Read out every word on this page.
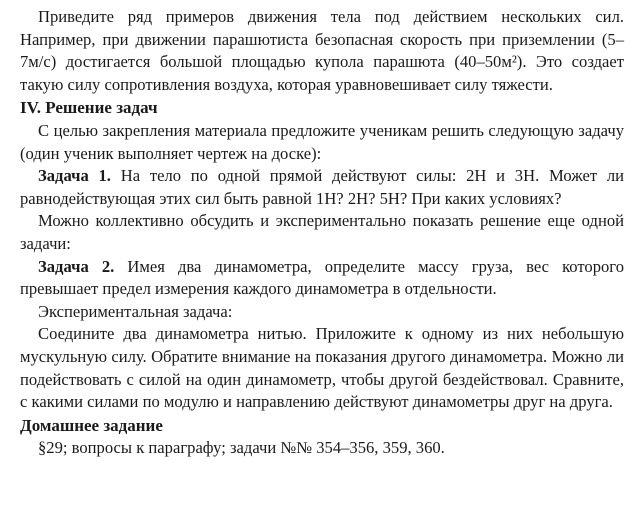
Приведите ряд примеров движения тела под действием нескольких сил. Например, при движении парашютиста безопасная скорость при приземлении (5–7м/с) достигается большой площадью купола парашюта (40–50м²). Это создает такую силу сопротивления воздуха, которая уравновешивает силу тяжести.

IV. Решение задач

С целью закрепления материала предложите ученикам решить следующую задачу (один ученик выполняет чертеж на доске):

Задача 1. На тело по одной прямой действуют силы: 2Н и 3Н. Может ли равнодействующая этих сил быть равной 1Н? 2Н? 5Н? При каких условиях?

Можно коллективно обсудить и экспериментально показать решение еще одной задачи:

Задача 2. Имея два динамометра, определите массу груза, вес которого превышает предел измерения каждого динамометра в отдельности.

Экспериментальная задача:

Соедините два динамометра нитью. Приложите к одному из них небольшую мускульную силу. Обратите внимание на показания другого динамометра. Можно ли подействовать с силой на один динамометр, чтобы другой бездействовал. Сравните, с какими силами по модулю и направлению действуют динамометры друг на друга.

Домашнее задание

§29; вопросы к параграфу; задачи №№ 354–356, 359, 360.
